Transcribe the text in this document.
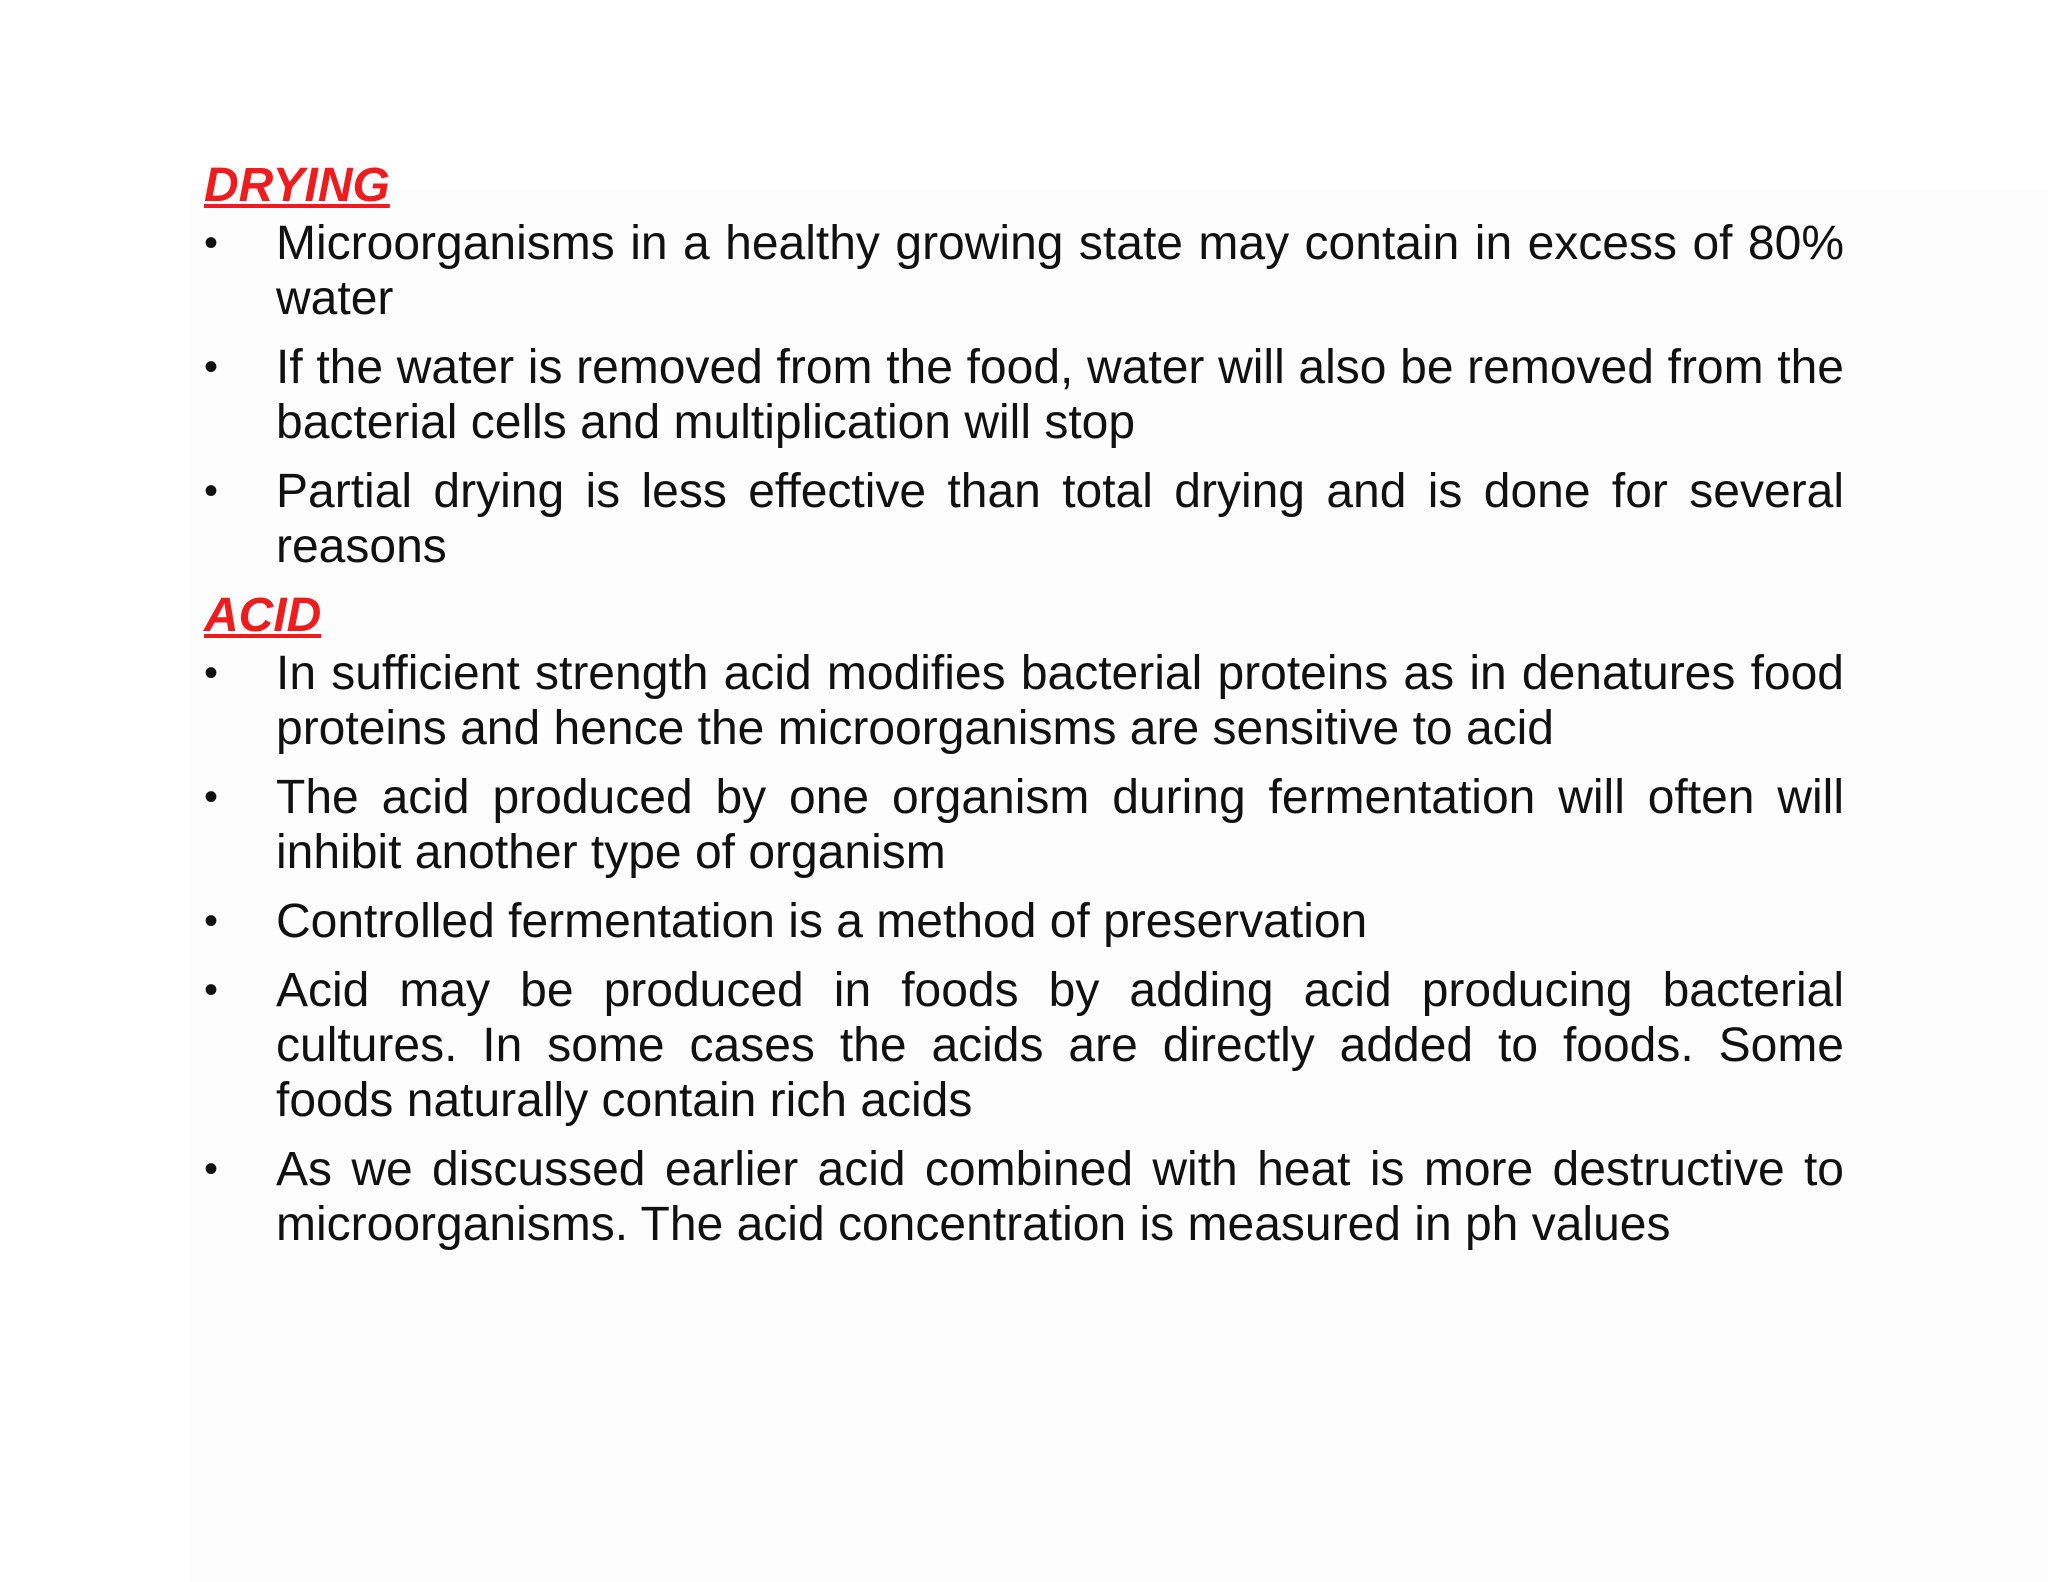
DRYING
•	Microorganisms in a healthy growing state may contain in excess of 80% water
•	If the water is removed from the food, water will also be removed from the bacterial cells and multiplication will stop
•	Partial drying is less effective than total drying and is done for several reasons
ACID
•	In sufficient strength acid modifies bacterial proteins as in denatures food proteins and hence the microorganisms are sensitive to acid
•	The acid produced by one organism during fermentation will often will inhibit another type of organism
•	Controlled fermentation is a method of preservation
•	Acid may be produced in foods by adding acid producing bacterial cultures. In some cases the acids are directly added to foods. Some foods naturally contain rich acids
•	As we discussed earlier acid combined with heat is more destructive to microorganisms. The acid concentration is measured in ph values
